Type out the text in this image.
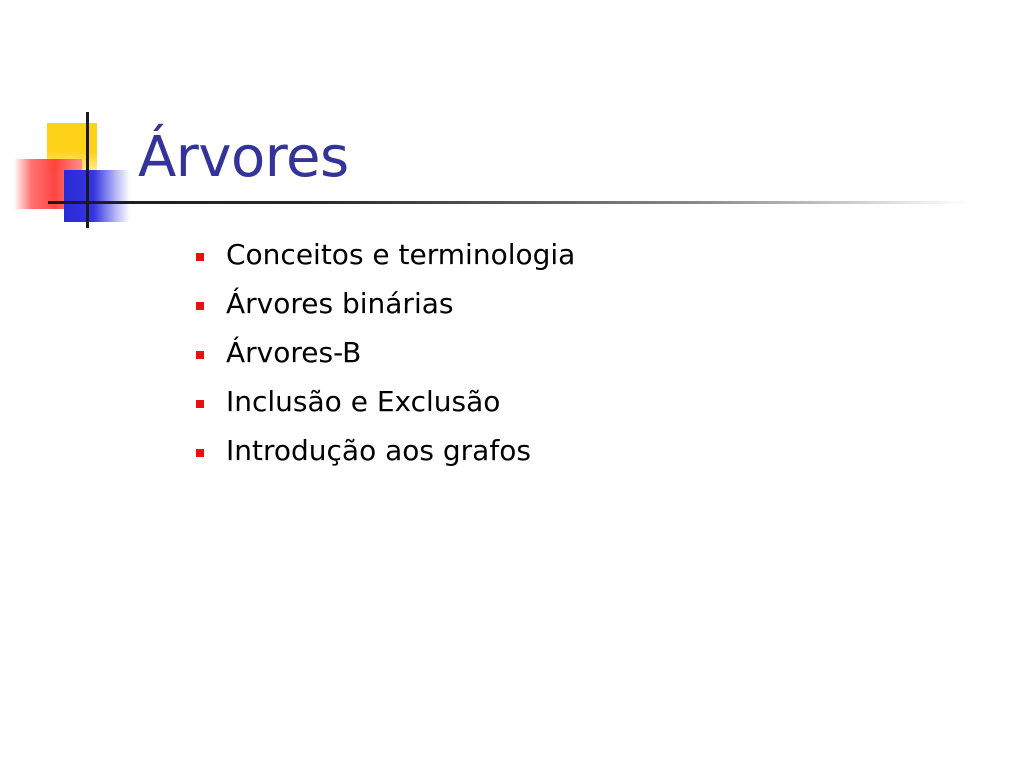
Árvores
Conceitos e terminologia
Árvores binárias
Árvores-B
Inclusão e Exclusão
Introdução aos grafos
